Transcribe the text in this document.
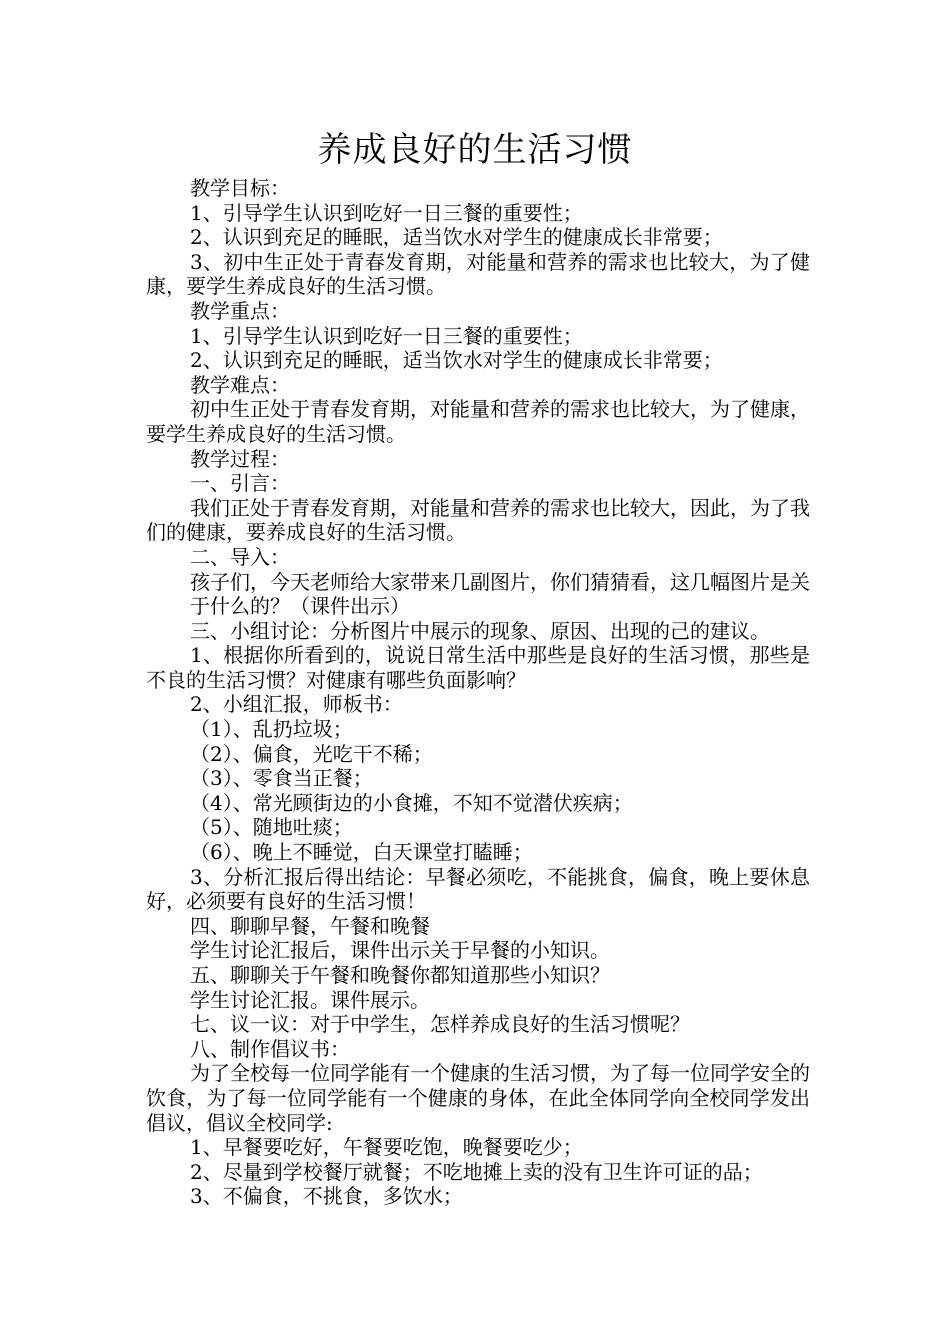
养成良好的生活习惯

教学目标：

1、引导学生认识到吃好一日三餐的重要性；

2、认识到充足的睡眠，适当饮水对学生的健康成长非常要；

3、初中生正处于青春发育期，对能量和营养的需求也比较大，为了健康，要学生养成良好的生活习惯。

教学重点：

1、引导学生认识到吃好一日三餐的重要性；

2、认识到充足的睡眠，适当饮水对学生的健康成长非常要；

教学难点：

初中生正处于青春发育期，对能量和营养的需求也比较大，为了健康，要学生养成良好的生活习惯。

教学过程：

一、引言：

我们正处于青春发育期，对能量和营养的需求也比较大，因此，为了我们的健康，要养成良好的生活习惯。

二、导入：

孩子们，今天老师给大家带来几副图片，你们猜猜看，这几幅图片是关于什么的？（课件出示）

三、小组讨论：分析图片中展示的现象、原因、出现的己的建议。

1、根据你所看到的，说说日常生活中那些是良好的生活习惯，那些是不良的生活习惯？对健康有哪些负面影响？

2、小组汇报，师板书：

（1）、乱扔垃圾；

（2）、偏食，光吃干不稀；

（3）、零食当正餐；

（4）、常光顾街边的小食摊，不知不觉潜伏疾病；

（5）、随地吐痰；

（6）、晚上不睡觉，白天课堂打瞌睡；

3、分析汇报后得出结论：早餐必须吃，不能挑食，偏食，晚上要休息　好，必须要有良好的生活习惯！

四、聊聊早餐，午餐和晚餐

学生讨论汇报后，课件出示关于早餐的小知识。

五、聊聊关于午餐和晚餐你都知道那些小知识？

学生讨论汇报。课件展示。

七、议一议：对于中学生，怎样养成良好的生活习惯呢？

八、制作倡议书：

为了全校每一位同学能有一个健康的生活习惯，为了每一位同学安全的饮食，为了每一位同学能有一个健康的身体，在此全体同学向全校同学发出倡议，倡议全校同学:

1、早餐要吃好，午餐要吃饱，晚餐要吃少；

2、尽量到学校餐厅就餐；不吃地摊上卖的没有卫生许可证的品；

3、不偏食，不挑食，多饮水；
